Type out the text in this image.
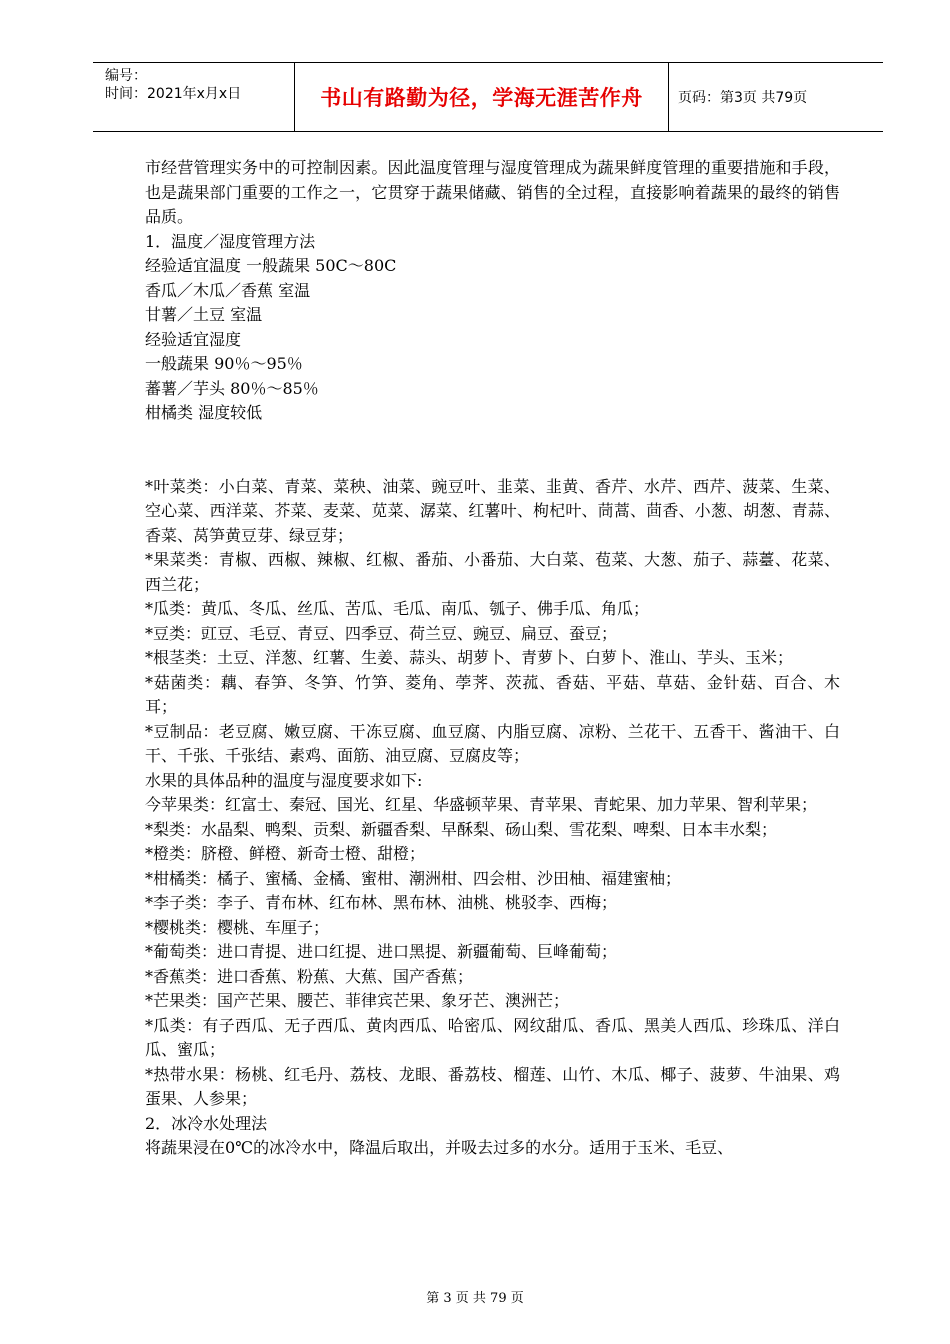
编号：
时间：2021年x月x日	书山有路勤为径，学海无涯苦作舟	页码：第3页 共79页

市经营管理实务中的可控制因素。因此温度管理与湿度管理成为蔬果鲜度管理的重要措施和手段，也是蔬果部门重要的工作之一，它贯穿于蔬果储藏、销售的全过程，直接影响着蔬果的最终的销售品质。

1．温度／湿度管理方法

经验适宜温度 一般蔬果 50C～80C

香瓜／木瓜／香蕉 室温

甘薯／土豆 室温

经验适宜湿度

一般蔬果 90％～95％

蕃薯／芋头 80％～85％

柑橘类 湿度较低

*叶菜类：小白菜、青菜、菜秧、油菜、豌豆叶、韭菜、韭黄、香芹、水芹、西芹、菠菜、生菜、空心菜、西洋菜、芥菜、麦菜、苋菜、潺菜、红薯叶、枸杞叶、茼蒿、茴香、小葱、胡葱、青蒜、香菜、莴笋黄豆芽、绿豆芽；

*果菜类：青椒、西椒、辣椒、红椒、番茄、小番茄、大白菜、苞菜、大葱、茄子、蒜薹、花菜、西兰花；

*瓜类：黄瓜、冬瓜、丝瓜、苦瓜、毛瓜、南瓜、瓠子、佛手瓜、角瓜；

*豆类：豇豆、毛豆、青豆、四季豆、荷兰豆、豌豆、扁豆、蚕豆；

*根茎类：土豆、洋葱、红薯、生姜、蒜头、胡萝卜、青萝卜、白萝卜、淮山、芋头、玉米；

*菇菌类：藕、春笋、冬笋、竹笋、菱角、荸荠、茨菰、香菇、平菇、草菇、金针菇、百合、木耳；

*豆制品：老豆腐、嫩豆腐、干冻豆腐、血豆腐、内脂豆腐、凉粉、兰花干、五香干、酱油干、白干、千张、千张结、素鸡、面筋、油豆腐、豆腐皮等；

水果的具体品种的温度与湿度要求如下:

今苹果类：红富士、秦冠、国光、红星、华盛顿苹果、青苹果、青蛇果、加力苹果、智利苹果；

*梨类：水晶梨、鸭梨、贡梨、新疆香梨、早酥梨、砀山梨、雪花梨、啤梨、日本丰水梨；

*橙类：脐橙、鲜橙、新奇士橙、甜橙；

*柑橘类：橘子、蜜橘、金橘、蜜柑、潮洲柑、四会柑、沙田柚、福建蜜柚；

*李子类：李子、青布林、红布林、黑布林、油桃、桃驳李、西梅；

*樱桃类：樱桃、车厘子；

*葡萄类：进口青提、进口红提、进口黑提、新疆葡萄、巨峰葡萄；

*香蕉类：进口香蕉、粉蕉、大蕉、国产香蕉；

*芒果类：国产芒果、腰芒、菲律宾芒果、象牙芒、澳洲芒；

*瓜类：有子西瓜、无子西瓜、黄肉西瓜、哈密瓜、网纹甜瓜、香瓜、黑美人西瓜、珍珠瓜、洋白瓜、蜜瓜；

*热带水果：杨桃、红毛丹、荔枝、龙眼、番荔枝、榴莲、山竹、木瓜、椰子、菠萝、牛油果、鸡蛋果、人参果；

2．冰冷水处理法

将蔬果浸在0℃的冰冷水中，降温后取出，并吸去过多的水分。适用于玉米、毛豆、

第 3 页 共 79 页
